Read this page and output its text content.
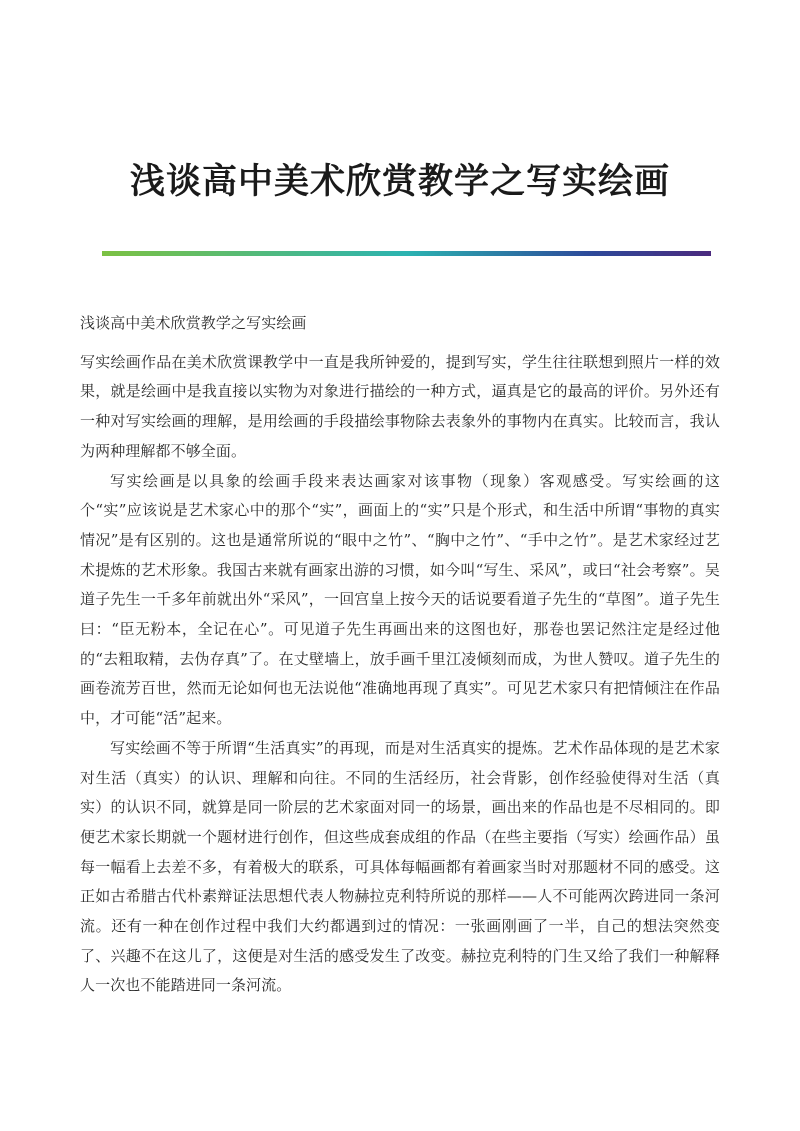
浅谈高中美术欣赏教学之写实绘画

浅谈高中美术欣赏教学之写实绘画

写实绘画作品在美术欣赏课教学中一直是我所钟爱的，提到写实，学生往往联想到照片一样的效果，就是绘画中是我直接以实物为对象进行描绘的一种方式，逼真是它的最高的评价。另外还有一种对写实绘画的理解，是用绘画的手段描绘事物除去表象外的事物内在真实。比较而言，我认为两种理解都不够全面。

写实绘画是以具象的绘画手段来表达画家对该事物（现象）客观感受。写实绘画的这个“实”应该说是艺术家心中的那个“实”，画面上的“实”只是个形式，和生活中所谓“事物的真实情况”是有区别的。这也是通常所说的“眼中之竹”、“胸中之竹”、“手中之竹”。是艺术家经过艺术提炼的艺术形象。我国古来就有画家出游的习惯，如今叫“写生、采风”，或曰“社会考察”。吴道子先生一千多年前就出外“采风”，一回宫皇上按今天的话说要看道子先生的“草图”。道子先生曰：“臣无粉本，全记在心”。可见道子先生再画出来的这图也好，那卷也罢记然注定是经过他的“去粗取精，去伪存真”了。在丈壁墙上，放手画千里江凌倾刻而成，为世人赞叹。道子先生的画卷流芳百世，然而无论如何也无法说他“准确地再现了真实”。可见艺术家只有把情倾注在作品中，才可能“活”起来。

写实绘画不等于所谓“生活真实”的再现，而是对生活真实的提炼。艺术作品体现的是艺术家对生活（真实）的认识、理解和向往。不同的生活经历，社会背影，创作经验使得对生活（真实）的认识不同，就算是同一阶层的艺术家面对同一的场景，画出来的作品也是不尽相同的。即便艺术家长期就一个题材进行创作，但这些成套成组的作品（在些主要指（写实）绘画作品）虽每一幅看上去差不多，有着极大的联系，可具体每幅画都有着画家当时对那题材不同的感受。这正如古希腊古代朴素辩证法思想代表人物赫拉克利特所说的那样——人不可能两次跨进同一条河流。还有一种在创作过程中我们大约都遇到过的情况：一张画刚画了一半，自己的想法突然变了、兴趣不在这儿了，这便是对生活的感受发生了改变。赫拉克利特的门生又给了我们一种解释人一次也不能踏进同一条河流。
